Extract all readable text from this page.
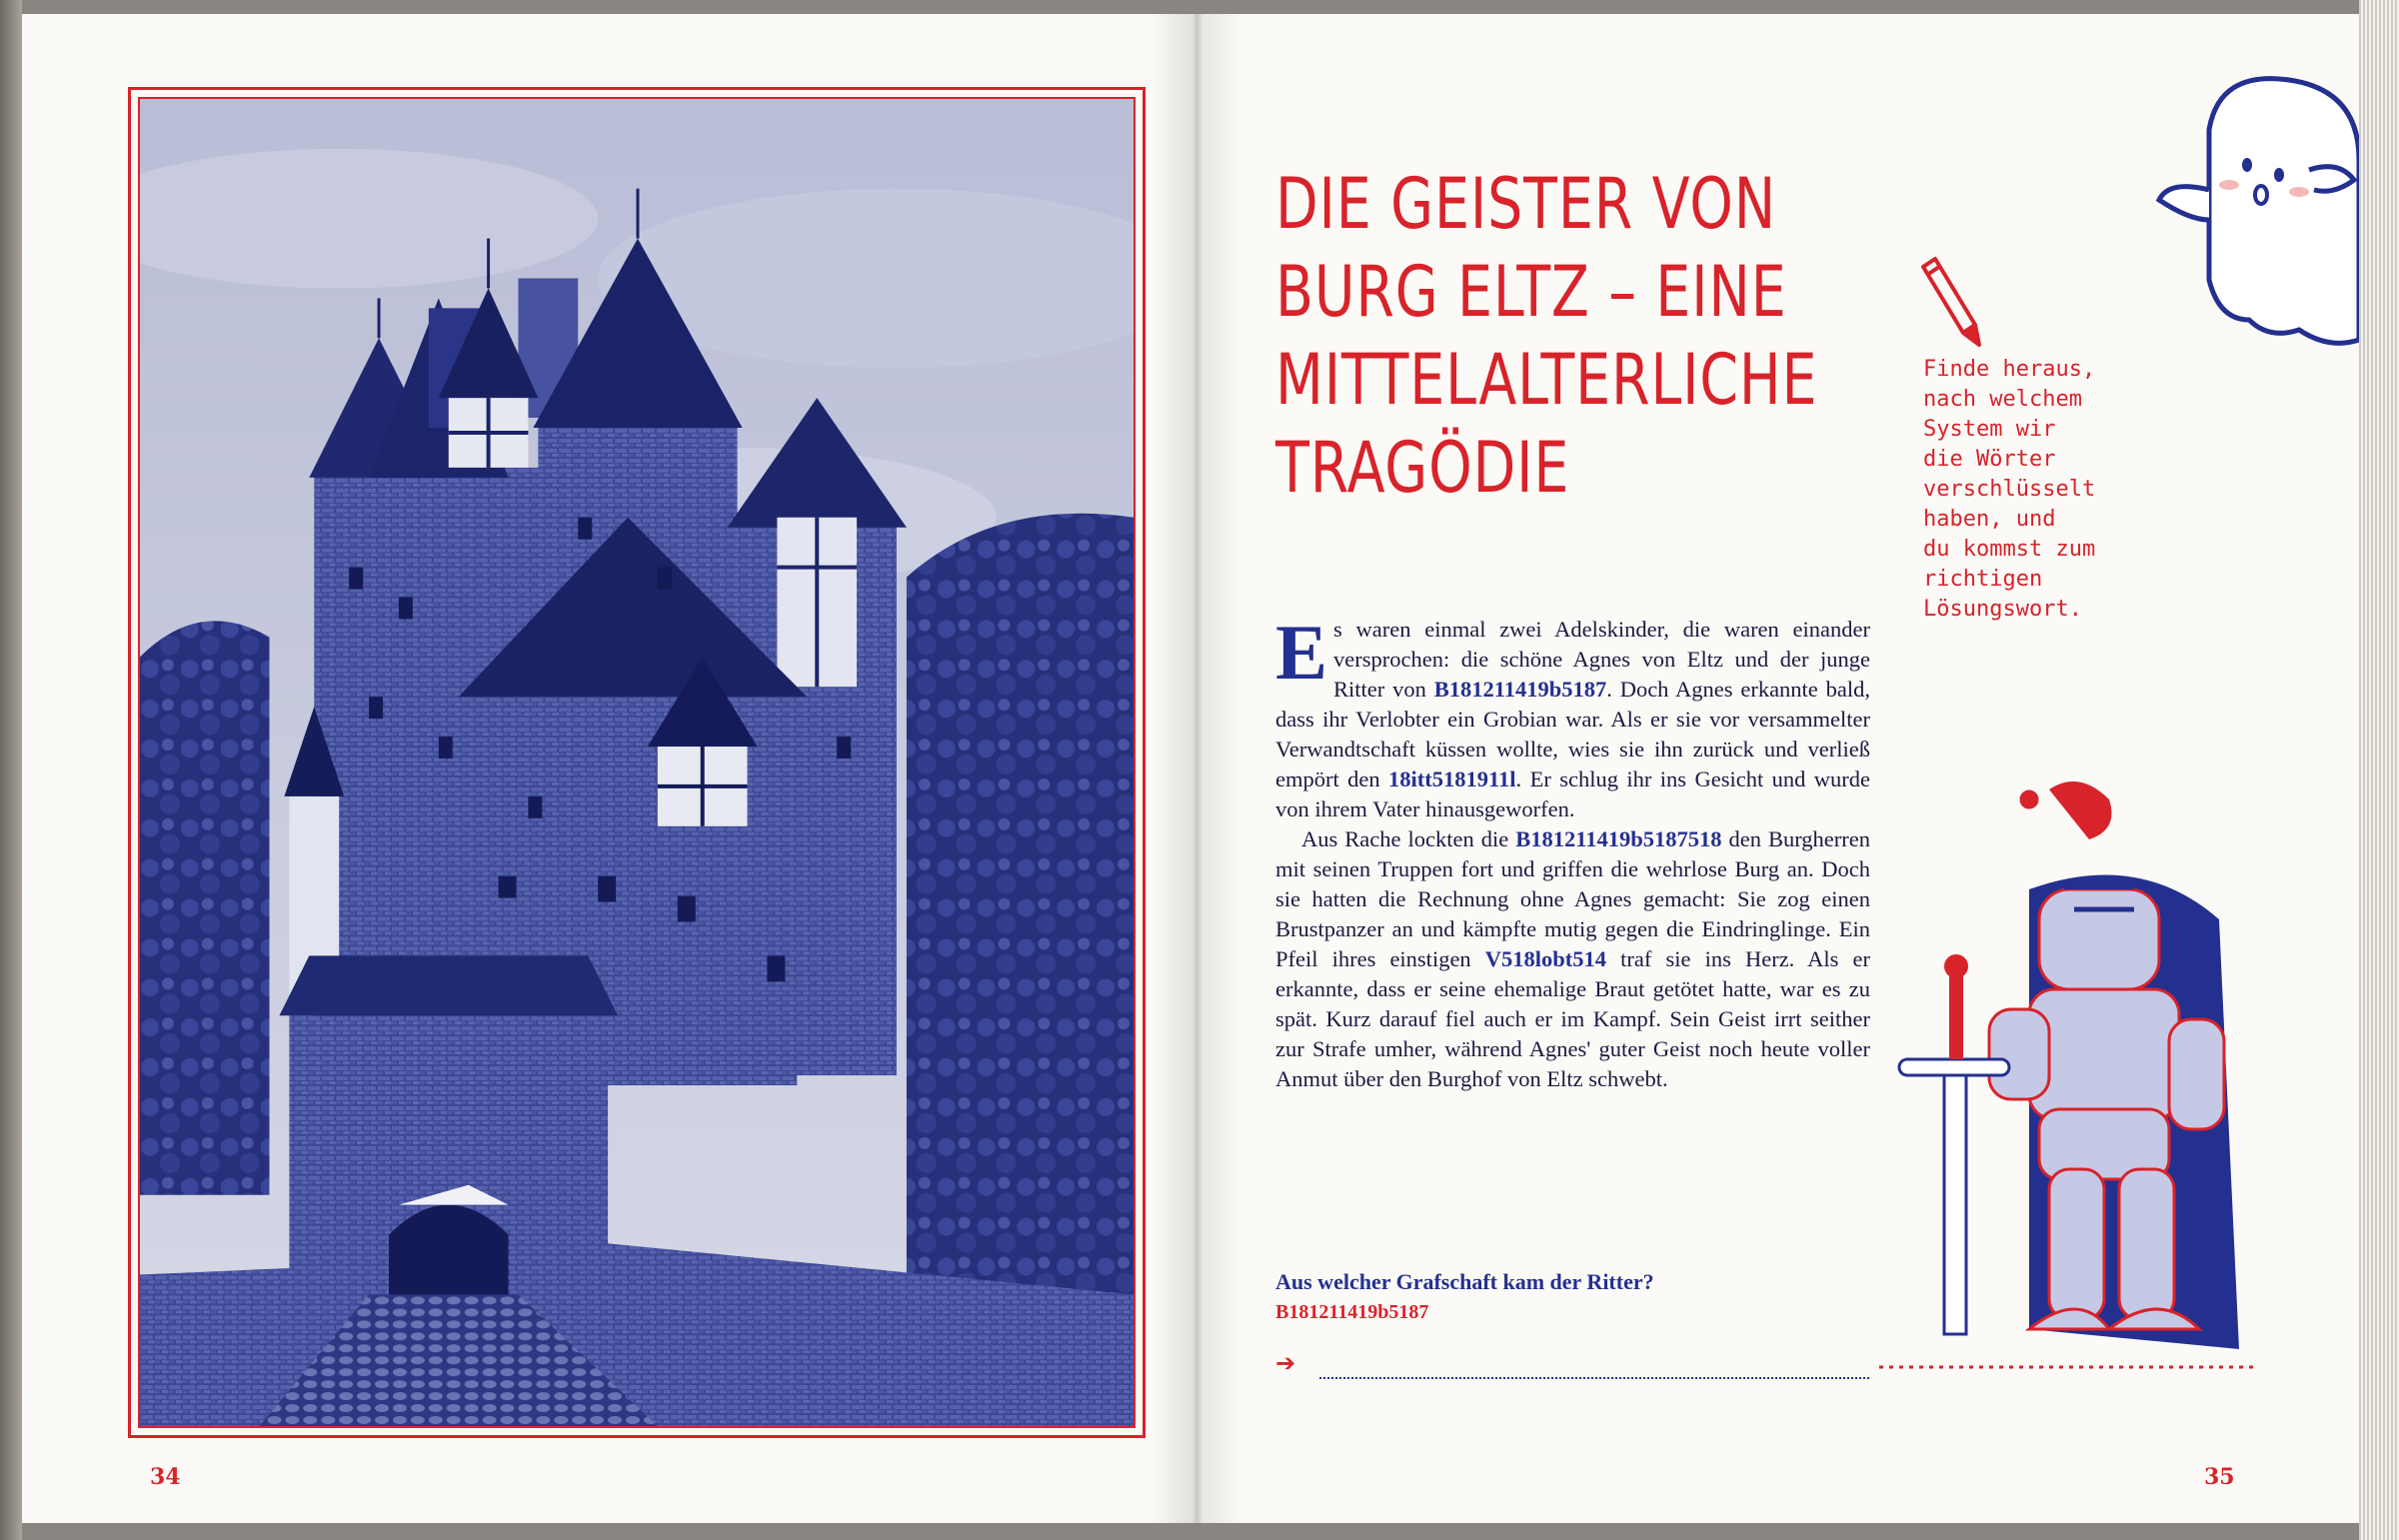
34
DIE GEISTER VON BURG ELTZ – EINE MITTELALTERLICHE TRAGÖDIE
Finde heraus,
nach welchem
System wir
die Wörter
verschlüsselt
haben, und
du kommst zum
richtigen
Lösungswort.

Es waren einmal zwei Adelskinder, die waren einander versprochen: die schöne Agnes von Eltz und der junge Ritter von B181211419b5187. Doch Agnes erkannte bald, dass ihr Verlobter ein Grobian war. Als er sie vor versammelter Verwandtschaft küssen wollte, wies sie ihn zurück und verließ empört den 18itt5181911l. Er schlug ihr ins Gesicht und wurde von ihrem Vater hinausgeworfen.

Aus Rache lockten die B181211419b5187518 den Burgherren mit seinen Truppen fort und griffen die wehrlose Burg an. Doch sie hatten die Rechnung ohne Agnes gemacht: Sie zog einen Brustpanzer an und kämpfte mutig gegen die Eindringlinge. Ein Pfeil ihres einstigen V518lobt514 traf sie ins Herz. Als er erkannte, dass er seine ehemalige Braut getötet hatte, war es zu spät. Kurz darauf fiel auch er im Kampf. Sein Geist irrt seither zur Strafe umher, während Agnes' guter Geist noch heute voller Anmut über den Burghof von Eltz schwebt.

Aus welcher Grafschaft kam der Ritter?
B181211419b5187
➔
35
